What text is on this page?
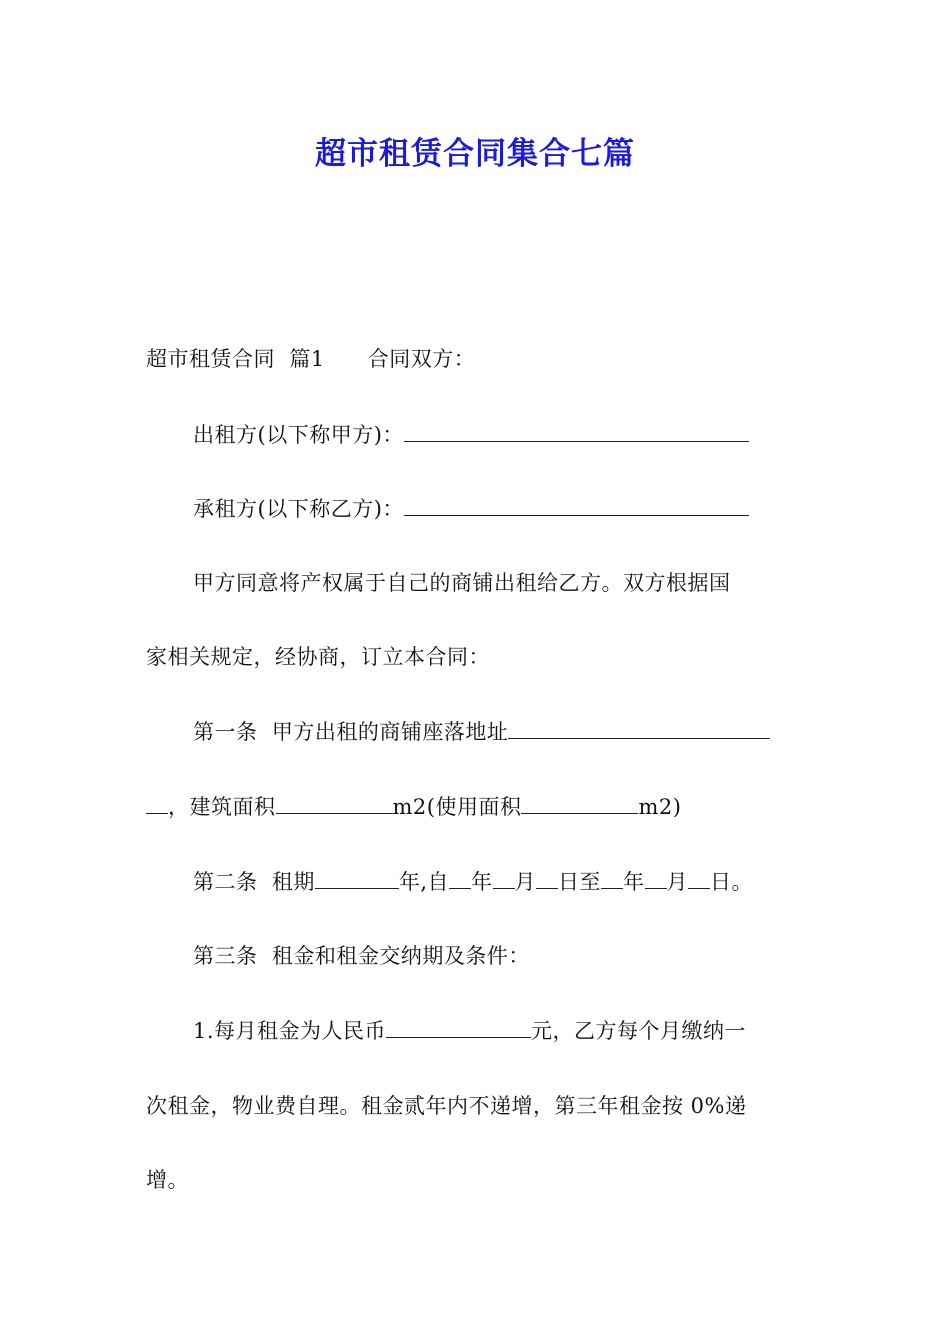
超市租赁合同集合七篇
超市租赁合同  篇1      合同双方：
出租方(以下称甲方)：
承租方(以下称乙方)：
甲方同意将产权属于自己的商铺出租给乙方。双方根据国
家相关规定，经协商，订立本合同：
第一条  甲方出租的商铺座落地址
，建筑面积	m2(使用面积	m2)
第二条  租期	年,自 年 月 日至 年 月 日。
第三条  租金和租金交纳期及条件：
1.每月租金为人民币	元，乙方每个月缴纳一
次租金，物业费自理。租金贰年内不递增，第三年租金按 0%递
增。
